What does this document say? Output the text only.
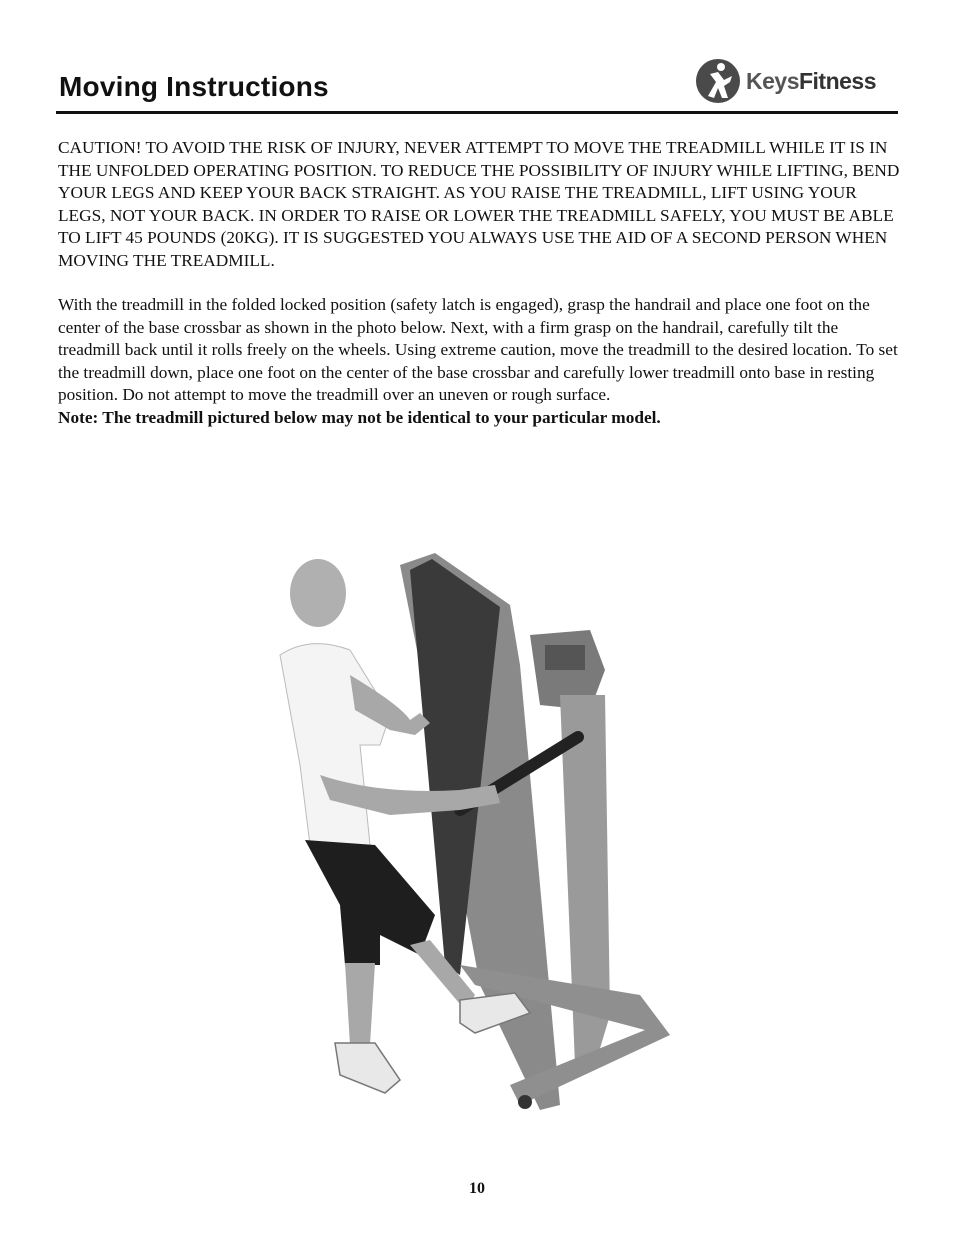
Moving Instructions	KeysFitness

CAUTION! TO AVOID THE RISK OF INJURY, NEVER ATTEMPT TO MOVE THE TREADMILL WHILE IT IS IN THE UNFOLDED OPERATING POSITION. TO REDUCE THE POSSIBILITY OF INJURY WHILE LIFTING, BEND YOUR LEGS AND KEEP YOUR BACK STRAIGHT. AS YOU RAISE THE TREADMILL, LIFT USING YOUR LEGS, NOT YOUR BACK. IN ORDER TO RAISE OR LOWER THE TREADMILL SAFELY, YOU MUST BE ABLE TO LIFT 45 POUNDS (20KG). IT IS SUGGESTED YOU ALWAYS USE THE AID OF A SECOND PERSON WHEN MOVING THE TREADMILL.

With the treadmill in the folded locked position (safety latch is engaged), grasp the handrail and place one foot on the center of the base crossbar as shown in the photo below. Next, with a firm grasp on the handrail, carefully tilt the treadmill back until it rolls freely on the wheels. Using extreme caution, move the treadmill to the desired location. To set the treadmill down, place one foot on the center of the base crossbar and carefully lower treadmill onto base in resting position. Do not attempt to move the treadmill over an uneven or rough surface.
Note: The treadmill pictured below may not be identical to your particular model.

10
